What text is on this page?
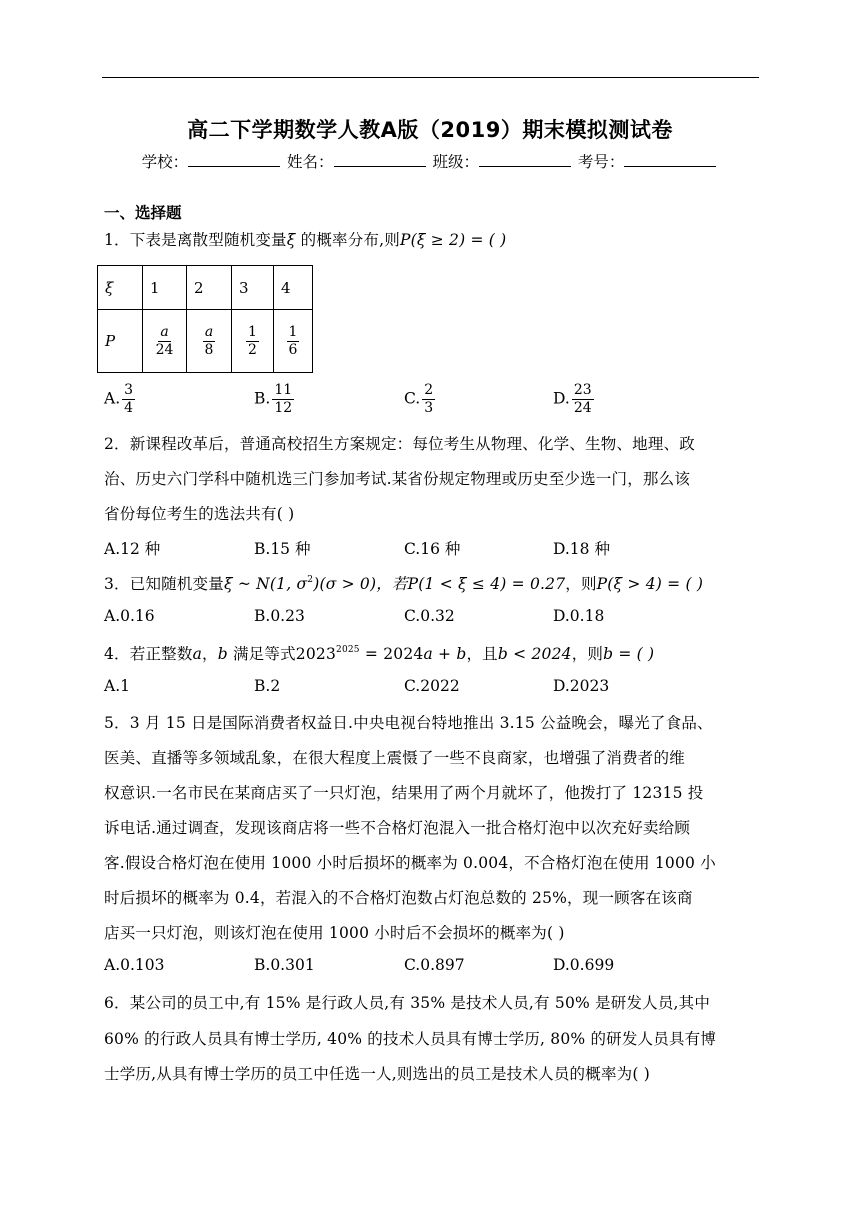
高二下学期数学人教A版（2019）期末模拟测试卷
学校：	姓名：	班级：	考号：
一、选择题
1．下表是离散型随机变量ξ 的概率分布,则P(ξ ≥ 2) = ( )
ξ	1	2	3	4
P	$\frac{a}{24}$	$\frac{a}{8}$	$\frac{1}{2}$	$\frac{1}{6}$
A. $\frac{3}{4}$	B. $\frac{11}{12}$	C. $\frac{2}{3}$	D. $\frac{23}{24}$
2．新课程改革后，普通高校招生方案规定：每位考生从物理、化学、生物、地理、政
治、历史六门学科中随机选三门参加考试.某省份规定物理或历史至少选一门，那么该
省份每位考生的选法共有( )
A.12 种	B.15 种	C.16 种	D.18 种
3．已知随机变量ξ ~ N(1, $\sigma^2)(\sigma > 0)$，若P(1 < ξ ≤ 4) = 0.27，则P(ξ > 4) = ( )
A.0.16	B.0.23	C.0.32	D.0.18
4．若正整数a，b 满足等式$2023^{2025} = 2024a + b$，且b < 2024，则b = ( )
A.1	B.2	C.2022	D.2023
5．3 月 15 日是国际消费者权益日.中央电视台特地推出 3.15 公益晚会，曝光了食品、
医美、直播等多领域乱象，在很大程度上震慑了一些不良商家，也增强了消费者的维
权意识.一名市民在某商店买了一只灯泡，结果用了两个月就坏了，他拨打了 12315 投
诉电话.通过调查，发现该商店将一些不合格灯泡混入一批合格灯泡中以次充好卖给顾
客.假设合格灯泡在使用 1000 小时后损坏的概率为 0.004，不合格灯泡在使用 1000 小
时后损坏的概率为 0.4，若混入的不合格灯泡数占灯泡总数的 25%，现一顾客在该商
店买一只灯泡，则该灯泡在使用 1000 小时后不会损坏的概率为( )
A.0.103	B.0.301	C.0.897	D.0.699
6．某公司的员工中,有 15% 是行政人员,有 35% 是技术人员,有 50% 是研发人员,其中
60% 的行政人员具有博士学历, 40% 的技术人员具有博士学历, 80% 的研发人员具有博
士学历,从具有博士学历的员工中任选一人,则选出的员工是技术人员的概率为( )
